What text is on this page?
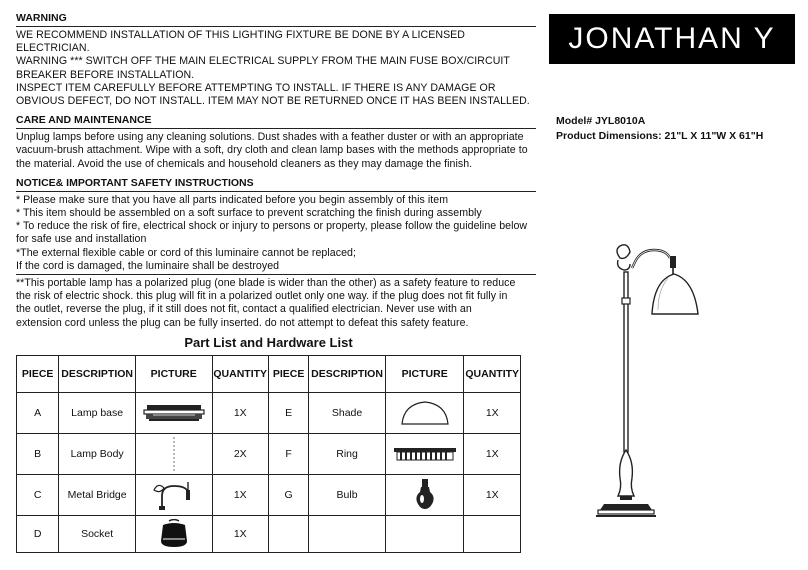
WARNING

WE RECOMMEND INSTALLATION OF THIS LIGHTING FIXTURE BE DONE BY A LICENSED ELECTRICIAN.

WARNING *** SWITCH OFF THE MAIN ELECTRICAL SUPPLY FROM THE MAIN FUSE BOX/CIRCUIT

BREAKER BEFORE INSTALLATION.

INSPECT ITEM CAREFULLY BEFORE ATTEMPTING TO INSTALL. IF THERE IS ANY DAMAGE OR

OBVIOUS DEFECT, DO NOT INSTALL. ITEM MAY NOT BE RETURNED ONCE IT HAS BEEN INSTALLED.

CARE AND MAINTENANCE

Unplug lamps before using any cleaning solutions. Dust shades with a feather duster or with an appropriate

vacuum-brush attachment. Wipe with a soft, dry cloth and clean lamp bases with the methods appropriate to

the material. Avoid the use of chemicals and household cleaners as they may damage the finish.

NOTICE& IMPORTANT SAFETY INSTRUCTIONS

* Please make sure that you have all parts indicated before you begin assembly of this item

* This item should be assembled on a soft surface to prevent scratching the finish during assembly

* To reduce the risk of fire, electrical shock or injury to persons or property, please follow the guideline below

for safe use and installation

*The external flexible cable or cord of this luminaire cannot be replaced;

If the cord is damaged, the luminaire shall be destroyed

**This portable lamp has a polarized plug (one blade is wider than the other) as a safety feature to reduce

the risk of electric shock. this plug will fit in a polarized outlet only one way. if the plug does not fit fully in

the outlet, reverse the plug, if it still does not fit, contact a qualified electrician. Never use with an

extension cord unless the plug can be fully inserted. do not attempt to defeat this safety feature.

JONATHAN Y
Model# JYL8010A
Product Dimensions: 21"L X 11"W X 61"H
Part List and Hardware List
PIECE	DESCRIPTION	PICTURE	QUANTITY	PIECE	DESCRIPTION	PICTURE	QUANTITY
A	Lamp base		1X	E	Shade		1X
B	Lamp Body		2X	F	Ring		1X
C	Metal Bridge		1X	G	Bulb		1X
D	Socket		1X				
